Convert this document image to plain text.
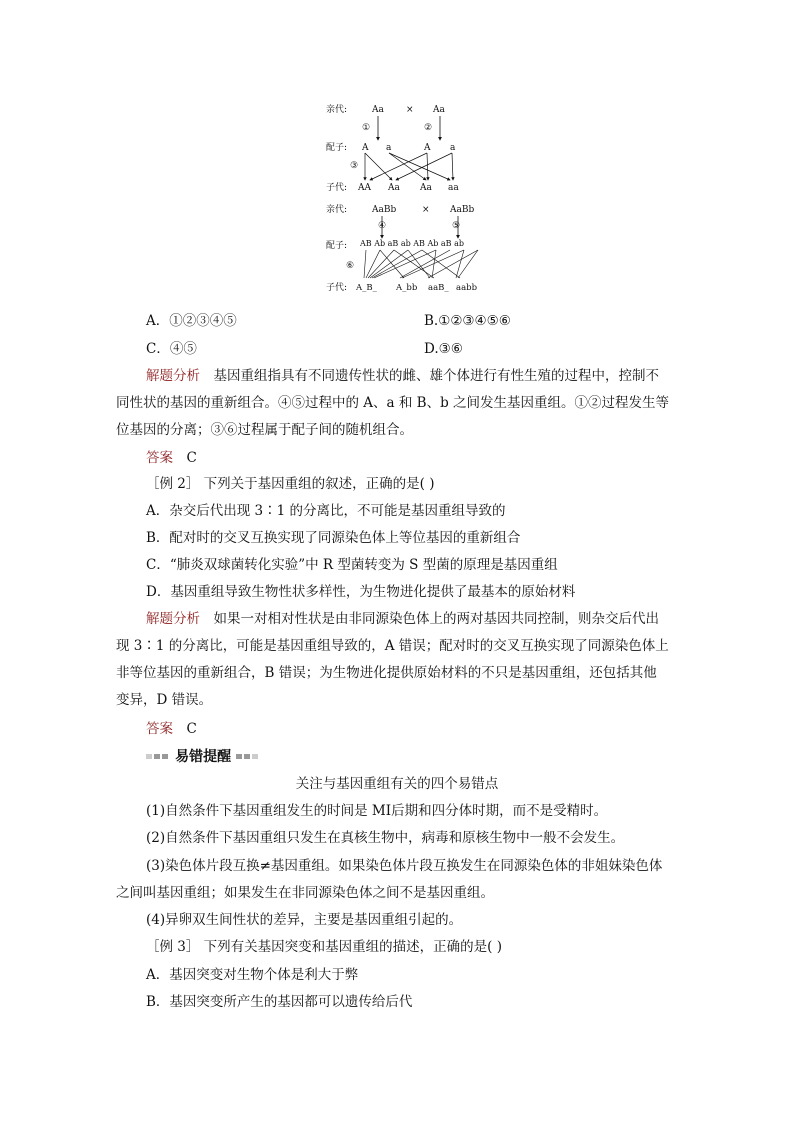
亲代:	Aa × Aa
①	②
配子: A a	A a
③
子代: AA Aa Aa aa
亲代:	AaBb	× AaBb
④	⑤
配子: AB Ab aB ab AB Ab aB ab
⑥
子代: A_B_ A_bb aaB_ aabb
A．①②③④⑤	B.①②③④⑤⑥
C．④⑤	D.③⑥
解题分析　 基因重组指具有不同遗传性状的雌、雄个体进行有性生殖的过程中，控制不
同性状的基因的重新组合。④⑤过程中的 A、a 和 B、b 之间发生基因重组。①②过程发生等
位基因的分离；③⑥过程属于配子间的随机组合。
答案　 C
［例 2］ 下列关于基因重组的叙述，正确的是( )
A．杂交后代出现 3∶1 的分离比，不可能是基因重组导致的
B．配对时的交叉互换实现了同源染色体上等位基因的重新组合
C．“肺炎双球菌转化实验”中 R 型菌转变为 S 型菌的原理是基因重组
D．基因重组导致生物性状多样性，为生物进化提供了最基本的原始材料
解题分析　 如果一对相对性状是由非同源染色体上的两对基因共同控制，则杂交后代出
现 3∶1 的分离比，可能是基因重组导致的，A 错误；配对时的交叉互换实现了同源染色体上
非等位基因的重新组合，B 错误；为生物进化提供原始材料的不只是基因重组，还包括其他
变异，D 错误。
答案　 C
易错提醒
关注与基因重组有关的四个易错点
(1)自然条件下基因重组发生的时间是 MⅠ后期和四分体时期，而不是受精时。
(2)自然条件下基因重组只发生在真核生物中，病毒和原核生物中一般不会发生。
(3)染色体片段互换≠基因重组。如果染色体片段互换发生在同源染色体的非姐妹染色体
之间叫基因重组；如果发生在非同源染色体之间不是基因重组。
(4)异卵双生间性状的差异，主要是基因重组引起的。
［例 3］ 下列有关基因突变和基因重组的描述，正确的是( )
A．基因突变对生物个体是利大于弊
B．基因突变所产生的基因都可以遗传给后代
